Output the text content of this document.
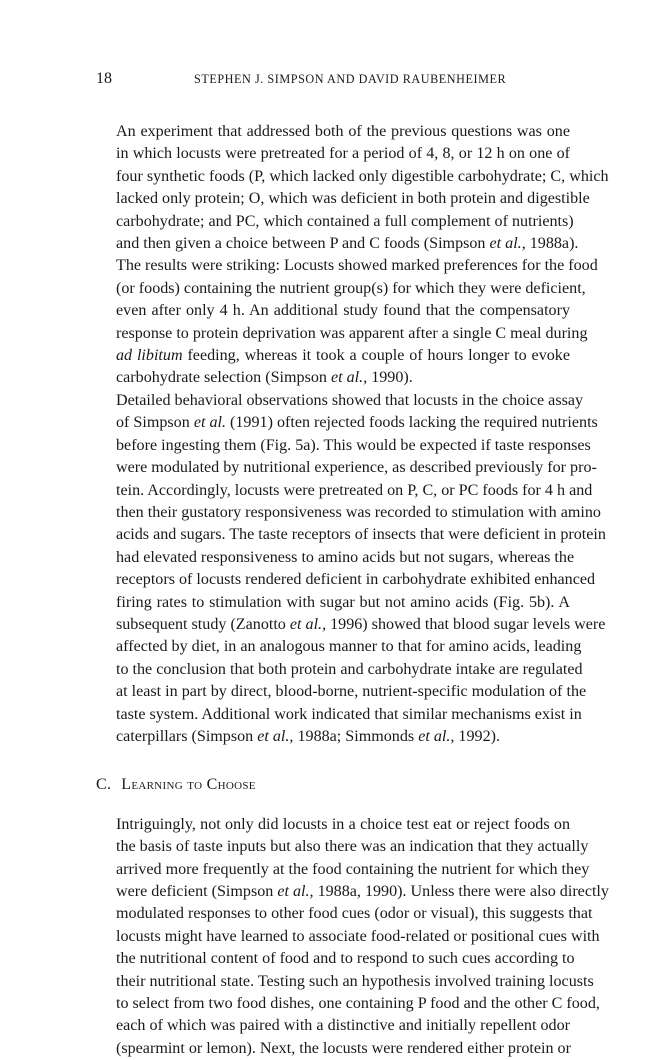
18	STEPHEN J. SIMPSON AND DAVID RAUBENHEIMER
An experiment that addressed both of the previous questions was one
in which locusts were pretreated for a period of 4, 8, or 12 h on one of
four synthetic foods (P, which lacked only digestible carbohydrate; C, which
lacked only protein; O, which was deficient in both protein and digestible
carbohydrate; and PC, which contained a full complement of nutrients)
and then given a choice between P and C foods (Simpson et al., 1988a).
The results were striking: Locusts showed marked preferences for the food
(or foods) containing the nutrient group(s) for which they were deficient,
even after only 4 h. An additional study found that the compensatory
response to protein deprivation was apparent after a single C meal during
ad libitum feeding, whereas it took a couple of hours longer to evoke
carbohydrate selection (Simpson et al., 1990).
Detailed behavioral observations showed that locusts in the choice assay
of Simpson et al. (1991) often rejected foods lacking the required nutrients
before ingesting them (Fig. 5a). This would be expected if taste responses
were modulated by nutritional experience, as described previously for pro-
tein. Accordingly, locusts were pretreated on P, C, or PC foods for 4 h and
then their gustatory responsiveness was recorded to stimulation with amino
acids and sugars. The taste receptors of insects that were deficient in protein
had elevated responsiveness to amino acids but not sugars, whereas the
receptors of locusts rendered deficient in carbohydrate exhibited enhanced
firing rates to stimulation with sugar but not amino acids (Fig. 5b). A
subsequent study (Zanotto et al., 1996) showed that blood sugar levels were
affected by diet, in an analogous manner to that for amino acids, leading
to the conclusion that both protein and carbohydrate intake are regulated
at least in part by direct, blood-borne, nutrient-specific modulation of the
taste system. Additional work indicated that similar mechanisms exist in
caterpillars (Simpson et al., 1988a; Simmonds et al., 1992).
C. Learning to Choose
Intriguingly, not only did locusts in a choice test eat or reject foods on
the basis of taste inputs but also there was an indication that they actually
arrived more frequently at the food containing the nutrient for which they
were deficient (Simpson et al., 1988a, 1990). Unless there were also directly
modulated responses to other food cues (odor or visual), this suggests that
locusts might have learned to associate food-related or positional cues with
the nutritional content of food and to respond to such cues according to
their nutritional state. Testing such an hypothesis involved training locusts
to select from two food dishes, one containing P food and the other C food,
each of which was paired with a distinctive and initially repellent odor
(spearmint or lemon). Next, the locusts were rendered either protein or
